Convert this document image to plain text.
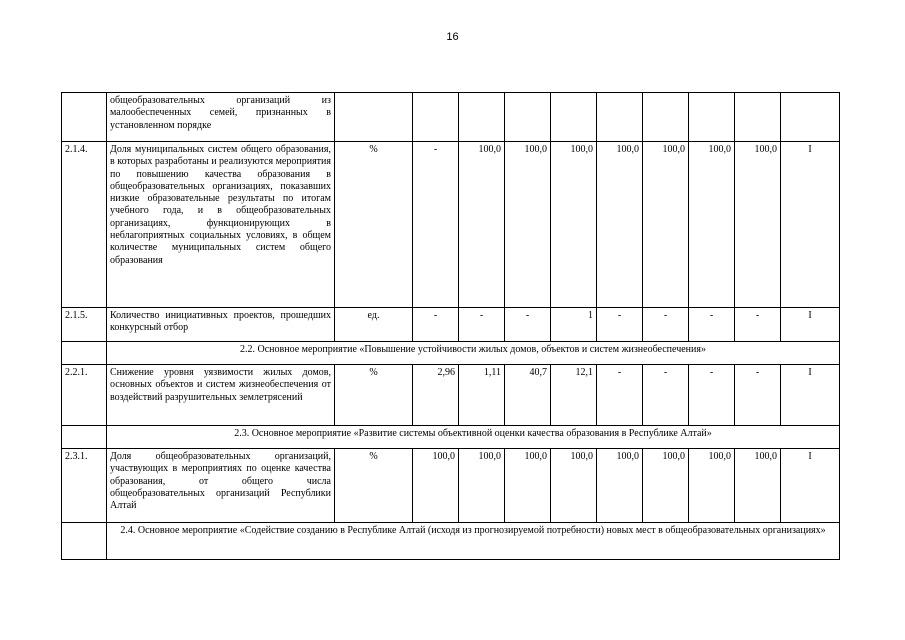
16
	общеобразовательных организаций из малообеспеченных семей, признанных в установленном порядке										
2.1.4.	Доля муниципальных систем общего образования, в которых разработаны и реализуются мероприятия по повышению качества образования в общеобразовательных организациях, показавших низкие образовательные результаты по итогам учебного года, и в общеобразовательных организациях, функционирующих в неблагоприятных социальных условиях, в общем количестве муниципальных систем общего образования	%	-	100,0	100,0	100,0	100,0	100,0	100,0	100,0	I
2.1.5.	Количество инициативных проектов, прошедших конкурсный отбор	ед.	-	-	-	1	-	-	-	-	I
	2.2. Основное мероприятие «Повышение устойчивости жилых домов, объектов и систем жизнеобеспечения»										
2.2.1.	Снижение уровня уязвимости жилых домов, основных объектов и систем жизнеобеспечения от воздействий разрушительных землетрясений	%	2,96	1,11	40,7	12,1	-	-	-	-	I
	2.3. Основное мероприятие «Развитие системы объективной оценки качества образования в Республике Алтай»										
2.3.1.	Доля общеобразовательных организаций, участвующих в мероприятиях по оценке качества образования, от общего числа общеобразовательных организаций Республики Алтай	%	100,0	100,0	100,0	100,0	100,0	100,0	100,0	100,0	I
	2.4. Основное мероприятие «Содействие созданию в Республике Алтай (исходя из прогнозируемой потребности) новых мест в общеобразовательных организациях»										
